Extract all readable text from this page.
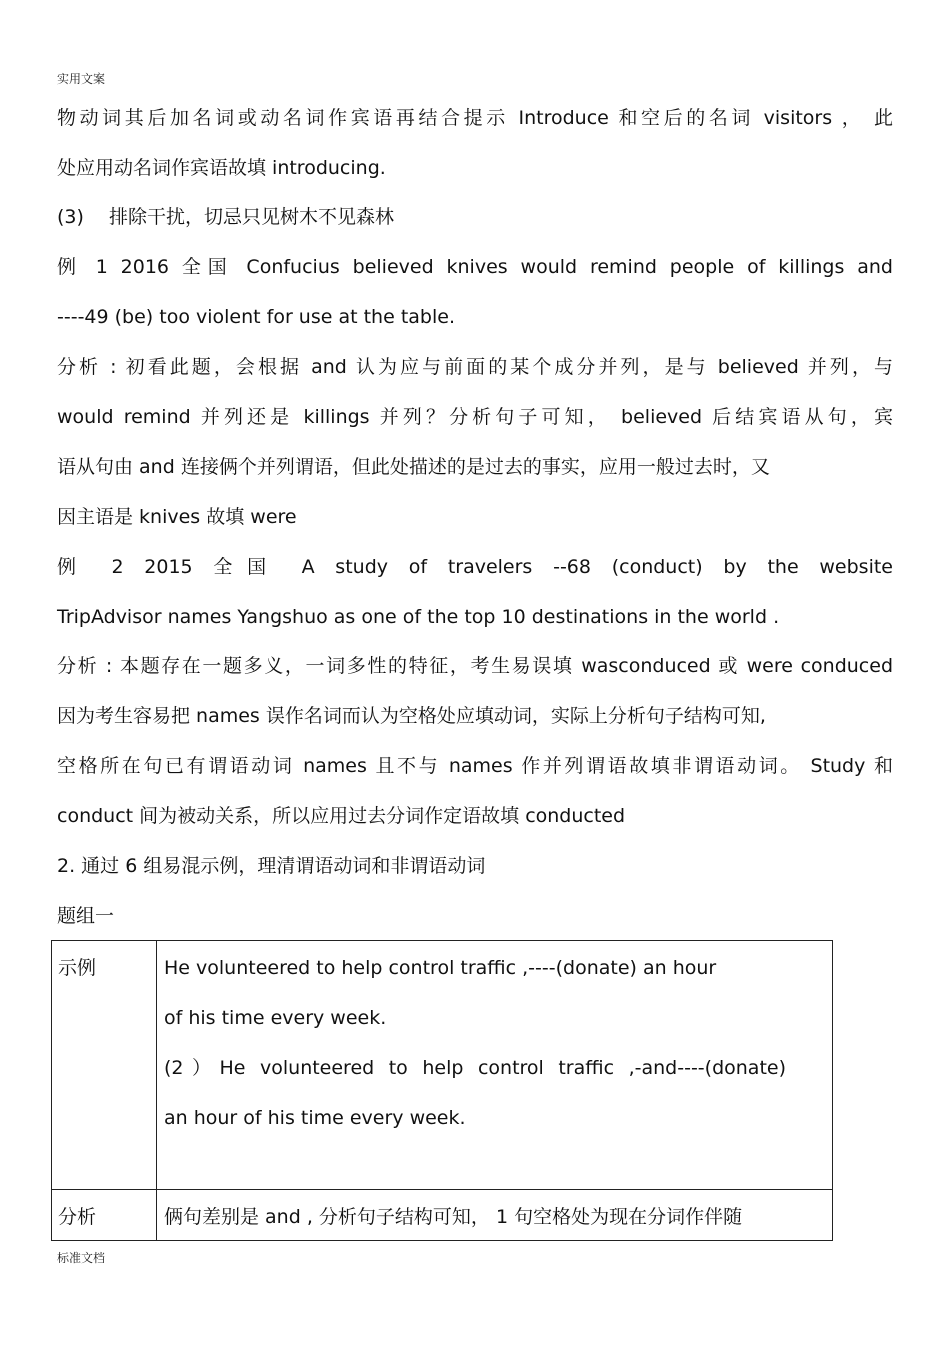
实用文案
物动词其后加名词或动名词作宾语再结合提示 Introduce 和空后的名词 visitors ， 此
处应用动名词作宾语故填 introducing.
(3)　 排除干扰，切忌只见树木不见森林
例 1 2016 全国 Confucius believed knives would remind people of killings and
----49 (be) too violent for use at the table.
分析 : 初看此题，会根据 and 认为应与前面的某个成分并列，是与 believed 并列，与
would remind 并列还是 killings 并列？分析句子可知， believed 后结宾语从句，宾
语从句由 and 连接俩个并列谓语，但此处描述的是过去的事实，应用一般过去时，又
因主语是 knives 故填 were
例 2 2015 全国 A study of travelers --68 (conduct) by the website
TripAdvisor names Yangshuo as one of the top 10 destinations in the world .
分析 : 本题存在一题多义，一词多性的特征，考生易误填 wasconduced 或 were conduced
因为考生容易把 names 误作名词而认为空格处应填动词，实际上分析句子结构可知,
空格所在句已有谓语动词 names 且不与 names 作并列谓语故填非谓语动词。 Study 和
conduct 间为被动关系，所以应用过去分词作定语故填 conducted
2. 通过 6 组易混示例，理清谓语动词和非谓语动词
题组一
示例	He volunteered to help control traffic ,----(donate) an hour
of his time every week.
(2）He volunteered to help control traffic ,-and----(donate)
an hour of his time every week.

分析	俩句差别是 and , 分析句子结构可知， 1 句空格处为现在分词作伴随
标准文档
